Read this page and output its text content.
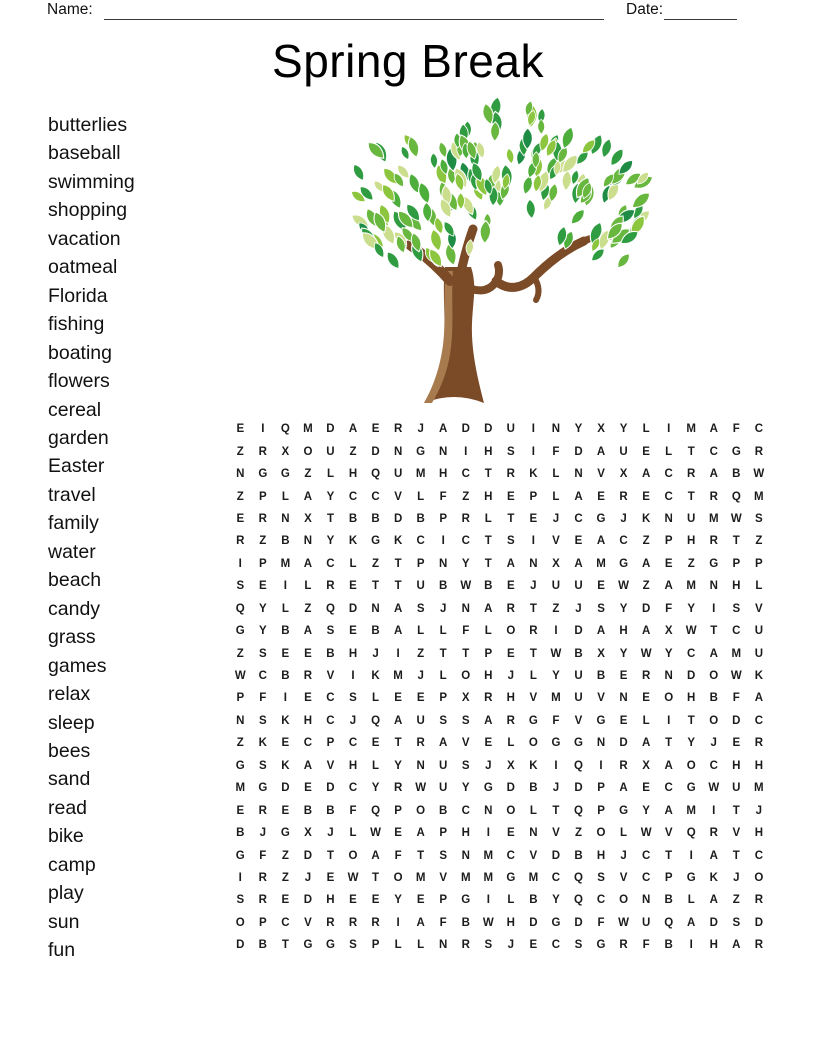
Name:	Date:
Spring Break
butterlies
baseball
swimming
shopping
vacation
oatmeal
Florida
fishing
boating
flowers
cereal
garden
Easter
travel
family
water
beach
candy
grass
games
relax
sleep
bees
sand
read
bike
camp
play
sun
fun
E	I	Q	M	D	A	E	R	J	A	D	D	U	I	N	Y	X	Y	L	I	M	A	F	C
Z	R	X	O	U	Z	D	N	G	N	I	H	S	I	F	D	A	U	E	L	T	C	G	R
N	G	G	Z	L	H	Q	U	M	H	C	T	R	K	L	N	V	X	A	C	R	A	B	W
Z	P	L	A	Y	C	C	V	L	F	Z	H	E	P	L	A	E	R	E	C	T	R	Q	M
E	R	N	X	T	B	B	D	B	P	R	L	T	E	J	C	G	J	K	N	U	M	W	S
R	Z	B	N	Y	K	G	K	C	I	C	T	S	I	V	E	A	C	Z	P	H	R	T	Z
I	P	M	A	C	L	Z	T	P	N	Y	T	A	N	X	A	M	G	A	E	Z	G	P	P
S	E	I	L	R	E	T	T	U	B	W	B	E	J	U	U	E	W	Z	A	M	N	H	L
Q	Y	L	Z	Q	D	N	A	S	J	N	A	R	T	Z	J	S	Y	D	F	Y	I	S	V
G	Y	B	A	S	E	B	A	L	L	F	L	O	R	I	D	A	H	A	X	W	T	C	U
Z	S	E	E	B	H	J	I	Z	T	T	P	E	T	W	B	X	Y	W	Y	C	A	M	U
W	C	B	R	V	I	K	M	J	L	O	H	J	L	Y	U	B	E	R	N	D	O	W	K
P	F	I	E	C	S	L	E	E	P	X	R	H	V	M	U	V	N	E	O	H	B	F	A
N	S	K	H	C	J	Q	A	U	S	S	A	R	G	F	V	G	E	L	I	T	O	D	C
Z	K	E	C	P	C	E	T	R	A	V	E	L	O	G	G	N	D	A	T	Y	J	E	R
G	S	K	A	V	H	L	Y	N	U	S	J	X	K	I	Q	I	R	X	A	O	C	H	H
M	G	D	E	D	C	Y	R	W	U	Y	G	D	B	J	D	P	A	E	C	G	W	U	M
E	R	E	B	B	F	Q	P	O	B	C	N	O	L	T	Q	P	G	Y	A	M	I	T	J
B	J	G	X	J	L	W	E	A	P	H	I	E	N	V	Z	O	L	W	V	Q	R	V	H
G	F	Z	D	T	O	A	F	T	S	N	M	C	V	D	B	H	J	C	T	I	A	T	C
I	R	Z	J	E	W	T	O	M	V	M	M	G	M	C	Q	S	V	C	P	G	K	J	O
S	R	E	D	H	E	E	Y	E	P	G	I	L	B	Y	Q	C	O	N	B	L	A	Z	R
O	P	C	V	R	R	R	I	A	F	B	W	H	D	G	D	F	W	U	Q	A	D	S	D
D	B	T	G	G	S	P	L	L	N	R	S	J	E	C	S	G	R	F	B	I	H	A	R
